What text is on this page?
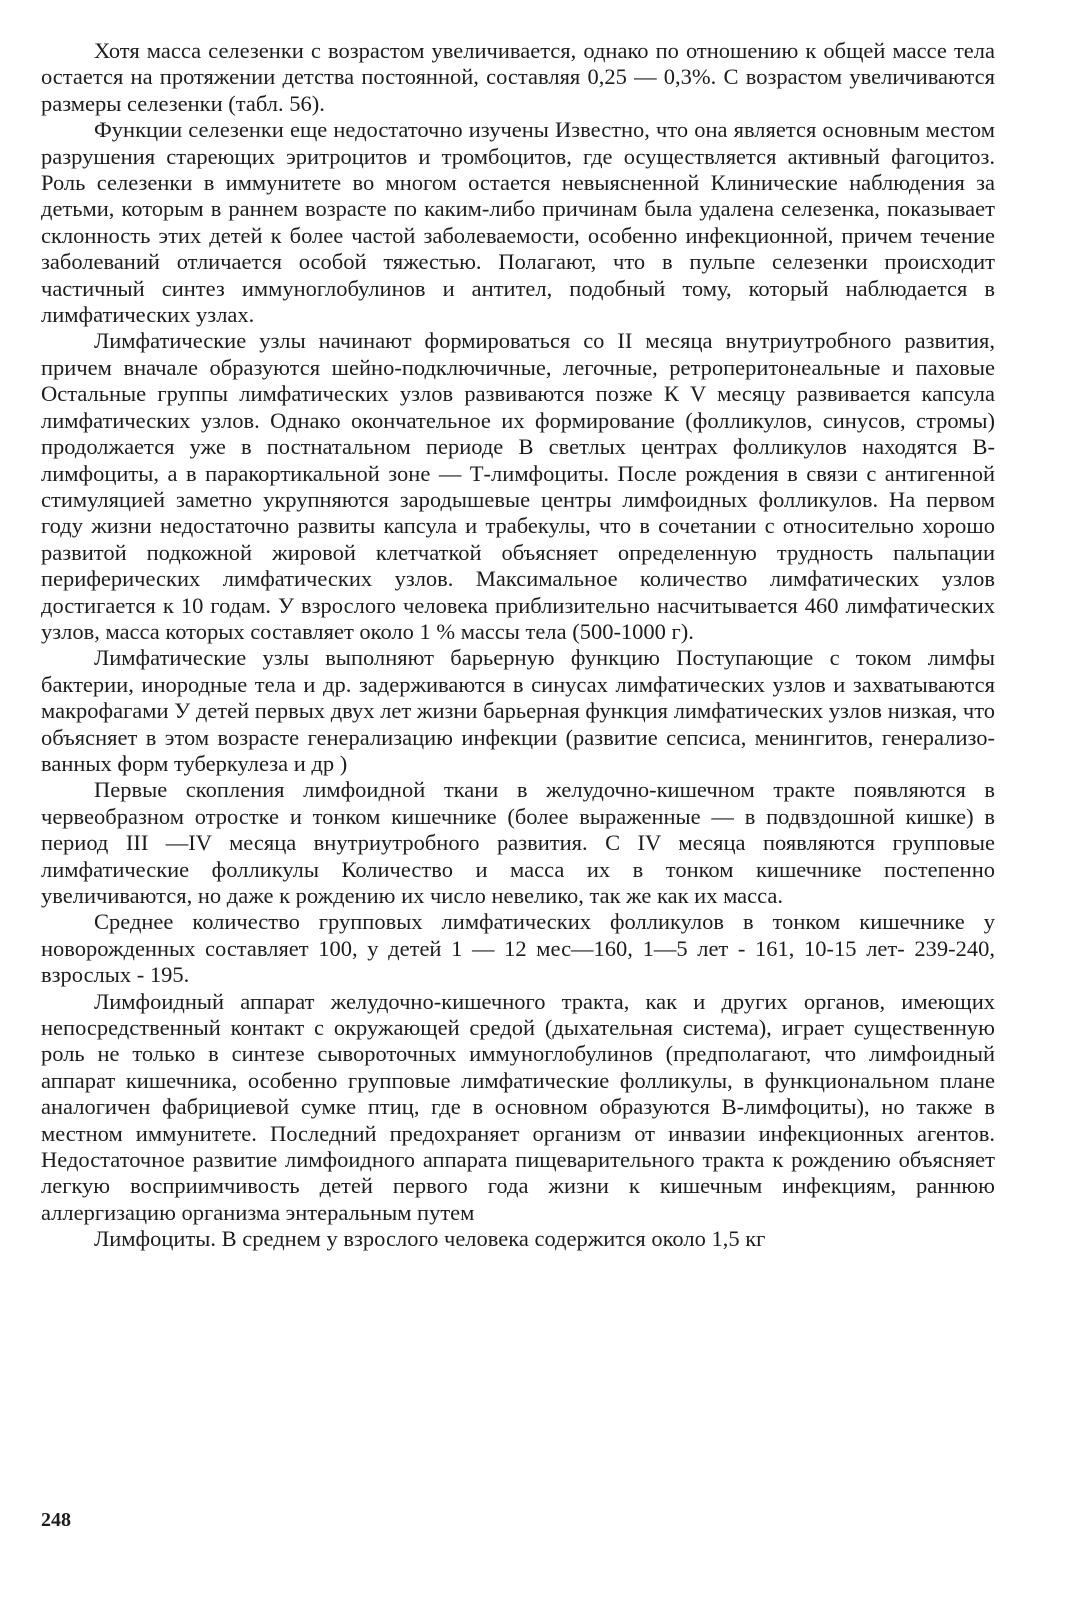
Хотя масса селезенки с возрастом увеличивается, однако по отношению к общей массе тела остается на протяжении детства постоянной, составляя 0,25 — 0,3%. С возрастом увеличиваются размеры селезенки (табл. 56).

Функции селезенки еще недостаточно изучены Известно, что она является основным местом разрушения стареющих эритроцитов и тромбоцитов, где осуществляется активный фагоцитоз. Роль селезенки в иммунитете во многом остается невыясненной Клинические наблюдения за детьми, которым в раннем возрасте по каким-либо причинам была удалена селезенка, показывает склонность этих детей к более частой заболеваемости, особенно инфекционной, причем течение заболеваний отличается особой тяжестью. Полагают, что в пульпе селезенки происходит частичный синтез иммуноглобулинов и антител, подобный тому, который наблюдается в лимфатических узлах.

Лимфатические узлы начинают формироваться со II месяца внутриутробного развития, причем вначале образуются шейно-подключичные, легочные, ретроперитонеальные и паховые Остальные группы лимфатических узлов развиваются позже К V месяцу развивается капсула лимфатических узлов. Однако окончательное их формирование (фолликулов, синусов, стромы) продолжается уже в постнатальном периоде В светлых центрах фолликулов находятся В-лимфоциты, а в паракортикальной зоне — Т-лимфоциты. После рождения в связи с антигенной стимуляцией заметно укрупняются зародышевые центры лимфоидных фолликулов. На первом году жизни недостаточно развиты капсула и трабекулы, что в сочетании с относительно хорошо развитой подкожной жировой клетчаткой объясняет определенную трудность пальпации периферических лимфатических узлов. Максимальное количество лимфатических узлов достигается к 10 годам. У взрослого человека приблизительно насчитывается 460 лимфатических узлов, масса которых составляет около 1 % массы тела (500-1000 г).

Лимфатические узлы выполняют барьерную функцию Поступающие с током лимфы бактерии, инородные тела и др. задерживаются в синусах лимфатических узлов и захватываются макрофагами У детей первых двух лет жизни барьерная функция лимфатических узлов низкая, что объясняет в этом возрасте генерализацию инфекции (развитие сепсиса, менингитов, генерализованных форм туберкулеза и др )

Первые скопления лимфоидной ткани в желудочно-кишечном тракте появляются в червеобразном отростке и тонком кишечнике (более выраженные — в подвздошной кишке) в период III —IV месяца внутриутробного развития. С IV месяца появляются групповые лимфатические фолликулы Количество и масса их в тонком кишечнике постепенно увеличиваются, но даже к рождению их число невелико, так же как их масса.

Среднее количество групповых лимфатических фолликулов в тонком кишечнике у новорожденных составляет 100, у детей 1 — 12 мес—160, 1—5 лет - 161, 10-15 лет- 239-240, взрослых - 195.

Лимфоидный аппарат желудочно-кишечного тракта, как и других органов, имеющих непосредственный контакт с окружающей средой (дыхательная система), играет существенную роль не только в синтезе сывороточных иммуноглобулинов (предполагают, что лимфоидный аппарат кишечника, особенно групповые лимфатические фолликулы, в функциональном плане аналогичен фабрициевой сумке птиц, где в основном образуются В-лимфоциты), но также в местном иммунитете. Последний предохраняет организм от инвазии инфекционных агентов. Недостаточное развитие лимфоидного аппарата пищеварительного тракта к рождению объясняет легкую восприимчивость детей первого года жизни к кишечным инфекциям, раннюю аллергизацию организма энтеральным путем

Лимфоциты. В среднем у взрослого человека содержится около 1,5 кг

248
